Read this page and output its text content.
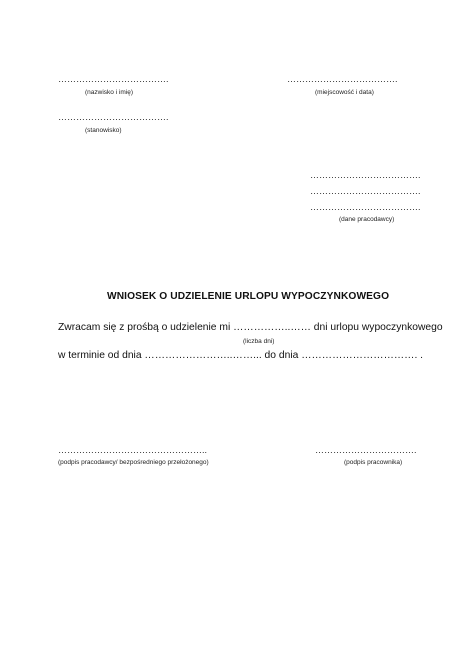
……………………………….
(nazwisko i imię)
……………………………….
(miejscowość i data)
……………………………….
(stanowisko)
……………………………….
……………………………….
……………………………….
(dane pracodawcy)
WNIOSEK O UDZIELENIE URLOPU WYPOCZYNKOWEGO
Zwracam się z prośbą o udzielenie mi ……………..…… dni urlopu wypoczynkowego
(liczba dni)
w terminie od dnia ……………………..……... do dnia ……………………………. .
…………………………………………..
(podpis pracodawcy/ bezpośredniego przełożonego)
…………………………….
(podpis pracownika)
